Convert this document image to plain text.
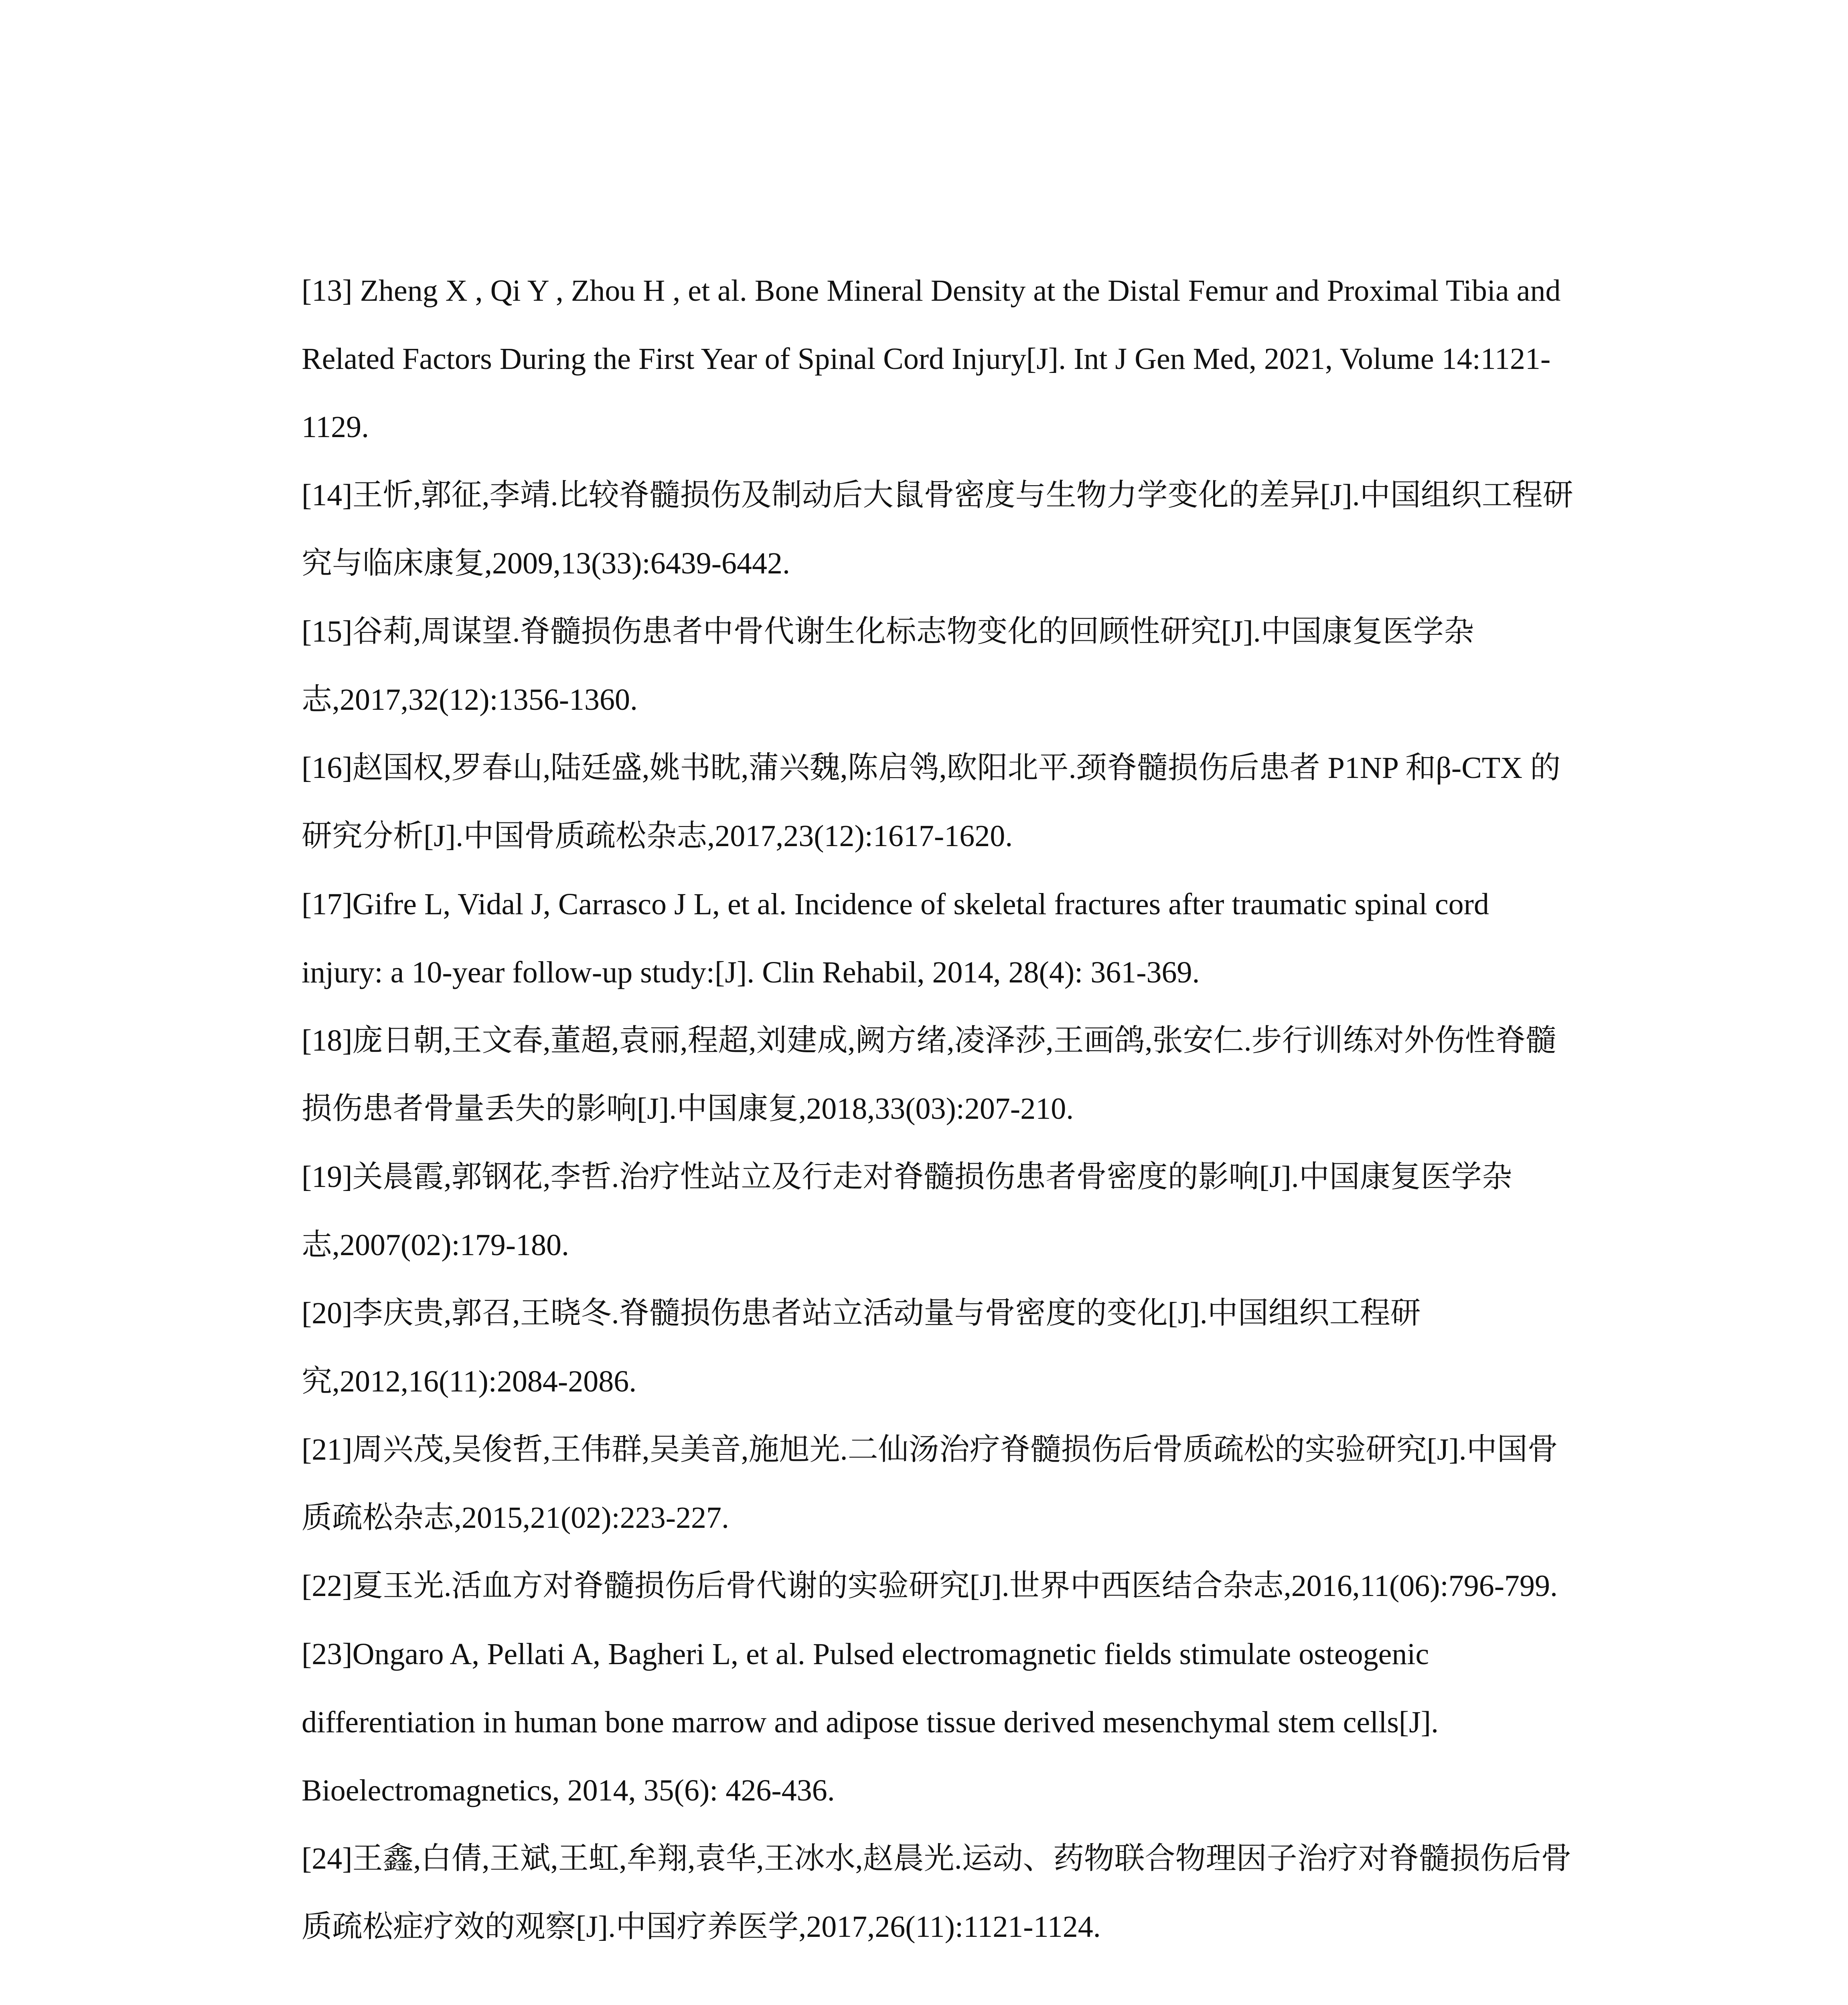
[13] Zheng X , Qi Y , Zhou H , et al. Bone Mineral Density at the Distal Femur and Proximal Tibia and Related Factors During the First Year of Spinal Cord Injury[J]. Int J Gen Med, 2021, Volume 14:1121-1129.

[14]王忻,郭征,李靖.比较脊髓损伤及制动后大鼠骨密度与生物力学变化的差异[J].中国组织工程研究与临床康复,2009,13(33):6439-6442.

[15]谷莉,周谋望.脊髓损伤患者中骨代谢生化标志物变化的回顾性研究[J].中国康复医学杂志,2017,32(12):1356-1360.

[16]赵国权,罗春山,陆廷盛,姚书眈,蒲兴魏,陈启鸰,欧阳北平.颈脊髓损伤后患者 P1NP 和β-CTX 的研究分析[J].中国骨质疏松杂志,2017,23(12):1617-1620.

[17]Gifre L, Vidal J, Carrasco J L, et al. Incidence of skeletal fractures after traumatic spinal cord injury: a 10-year follow-up study:[J]. Clin Rehabil, 2014, 28(4): 361-369.

[18]庞日朝,王文春,董超,袁丽,程超,刘建成,阙方绪,凌泽莎,王画鸽,张安仁.步行训练对外伤性脊髓损伤患者骨量丢失的影响[J].中国康复,2018,33(03):207-210.

[19]关晨霞,郭钢花,李哲.治疗性站立及行走对脊髓损伤患者骨密度的影响[J].中国康复医学杂志,2007(02):179-180.

[20]李庆贵,郭召,王晓冬.脊髓损伤患者站立活动量与骨密度的变化[J].中国组织工程研究,2012,16(11):2084-2086.

[21]周兴茂,吴俊哲,王伟群,吴美音,施旭光.二仙汤治疗脊髓损伤后骨质疏松的实验研究[J].中国骨质疏松杂志,2015,21(02):223-227.

[22]夏玉光.活血方对脊髓损伤后骨代谢的实验研究[J].世界中西医结合杂志,2016,11(06):796-799.

[23]Ongaro A, Pellati A, Bagheri L, et al. Pulsed electromagnetic fields stimulate osteogenic differentiation in human bone marrow and adipose tissue derived mesenchymal stem cells[J]. Bioelectromagnetics, 2014, 35(6): 426-436.

[24]王鑫,白倩,王斌,王虹,牟翔,袁华,王冰水,赵晨光.运动、药物联合物理因子治疗对脊髓损伤后骨质疏松症疗效的观察[J].中国疗养医学,2017,26(11):1121-1124.
